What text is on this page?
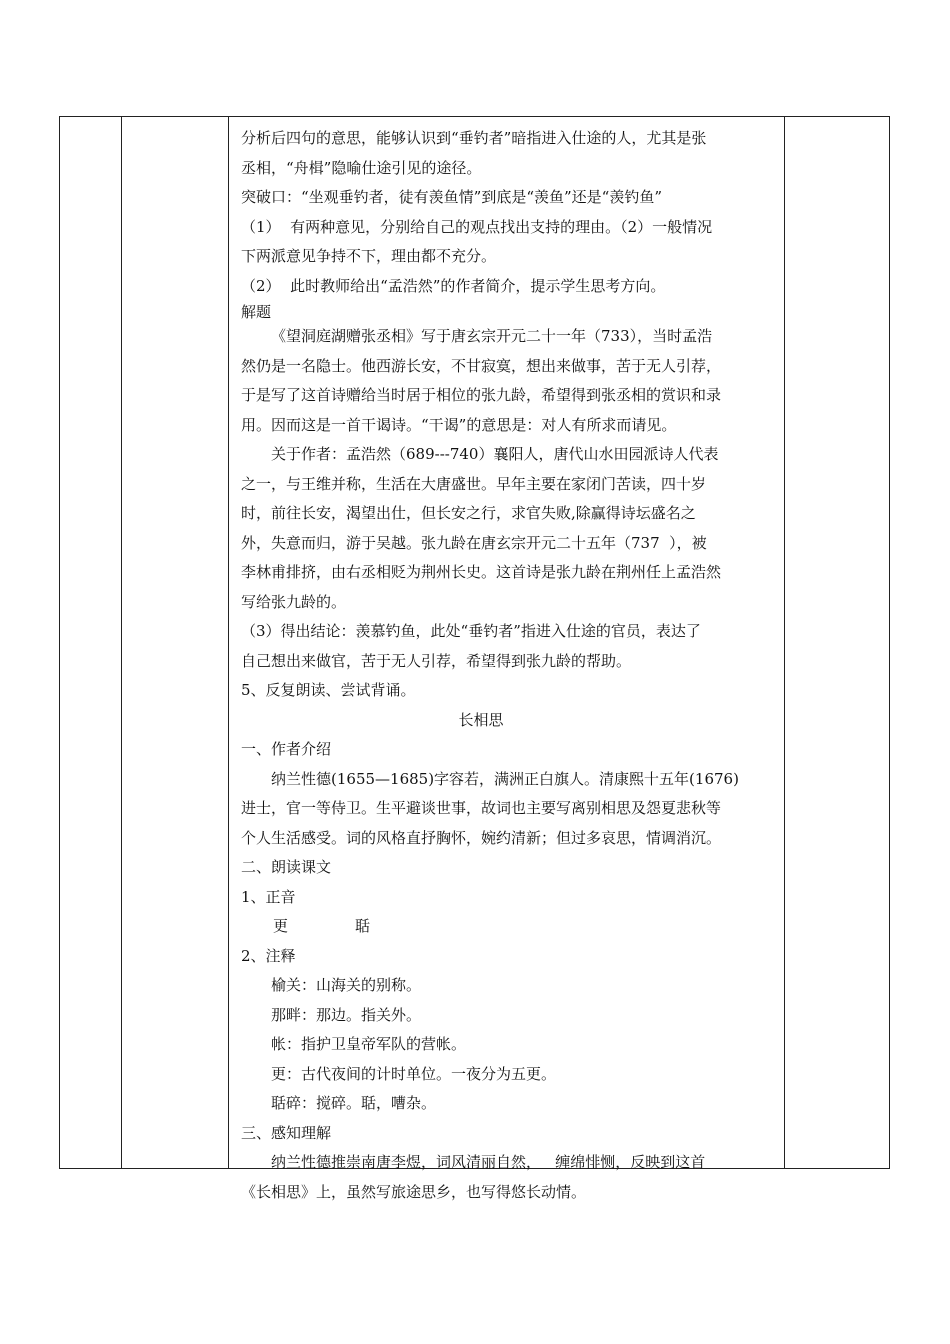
分析后四句的意思，能够认识到“垂钓者”暗指进入仕途的人，尤其是张

丞相，“舟楫”隐喻仕途引见的途径。

突破口：“坐观垂钓者，徒有羡鱼情”到底是“羡鱼”还是“羡钓鱼”

（1）  有两种意见，分别给自己的观点找出支持的理由。（2）一般情况

下两派意见争持不下，理由都不充分。

（2）  此时教师给出“孟浩然”的作者简介，提示学生思考方向。

解题

《望洞庭湖赠张丞相》写于唐玄宗开元二十一年（733），当时孟浩

然仍是一名隐士。他西游长安，不甘寂寞，想出来做事，苦于无人引荐，

于是写了这首诗赠给当时居于相位的张九龄，希望得到张丞相的赏识和录

用。因而这是一首干谒诗。“干谒”的意思是：对人有所求而请见。

关于作者：孟浩然（689---740）襄阳人，唐代山水田园派诗人代表

之一，与王维并称，生活在大唐盛世。早年主要在家闭门苦读，四十岁

时，前往长安，渴望出仕，但长安之行，求官失败,除赢得诗坛盛名之

外，失意而归，游于吴越。张九龄在唐玄宗开元二十五年（737  ），被

李林甫排挤，由右丞相贬为荆州长史。这首诗是张九龄在荆州任上孟浩然

写给张九龄的。

（3）得出结论：羡慕钓鱼，此处“垂钓者”指进入仕途的官员，表达了

自己想出来做官，苦于无人引荐，希望得到张九龄的帮助。

5、反复朗读、尝试背诵。

长相思

一、作者介绍

纳兰性德(1655—1685)字容若，满洲正白旗人。清康熙十五年(1676)

进士，官一等侍卫。生平避谈世事，故词也主要写离别相思及怨夏悲秋等

个人生活感受。词的风格直抒胸怀，婉约清新；但过多哀思，情调消沉。

二、朗读课文

1、正音

更	聒

2、注释

榆关：山海关的别称。

那畔：那边。指关外。

帐：指护卫皇帝军队的营帐。

更：古代夜间的计时单位。一夜分为五更。

聒碎：搅碎。聒，嘈杂。

三、感知理解

纳兰性德推崇南唐李煜，词风清丽自然，   缠绵悱恻，反映到这首

《长相思》上，虽然写旅途思乡，也写得悠长动情。
